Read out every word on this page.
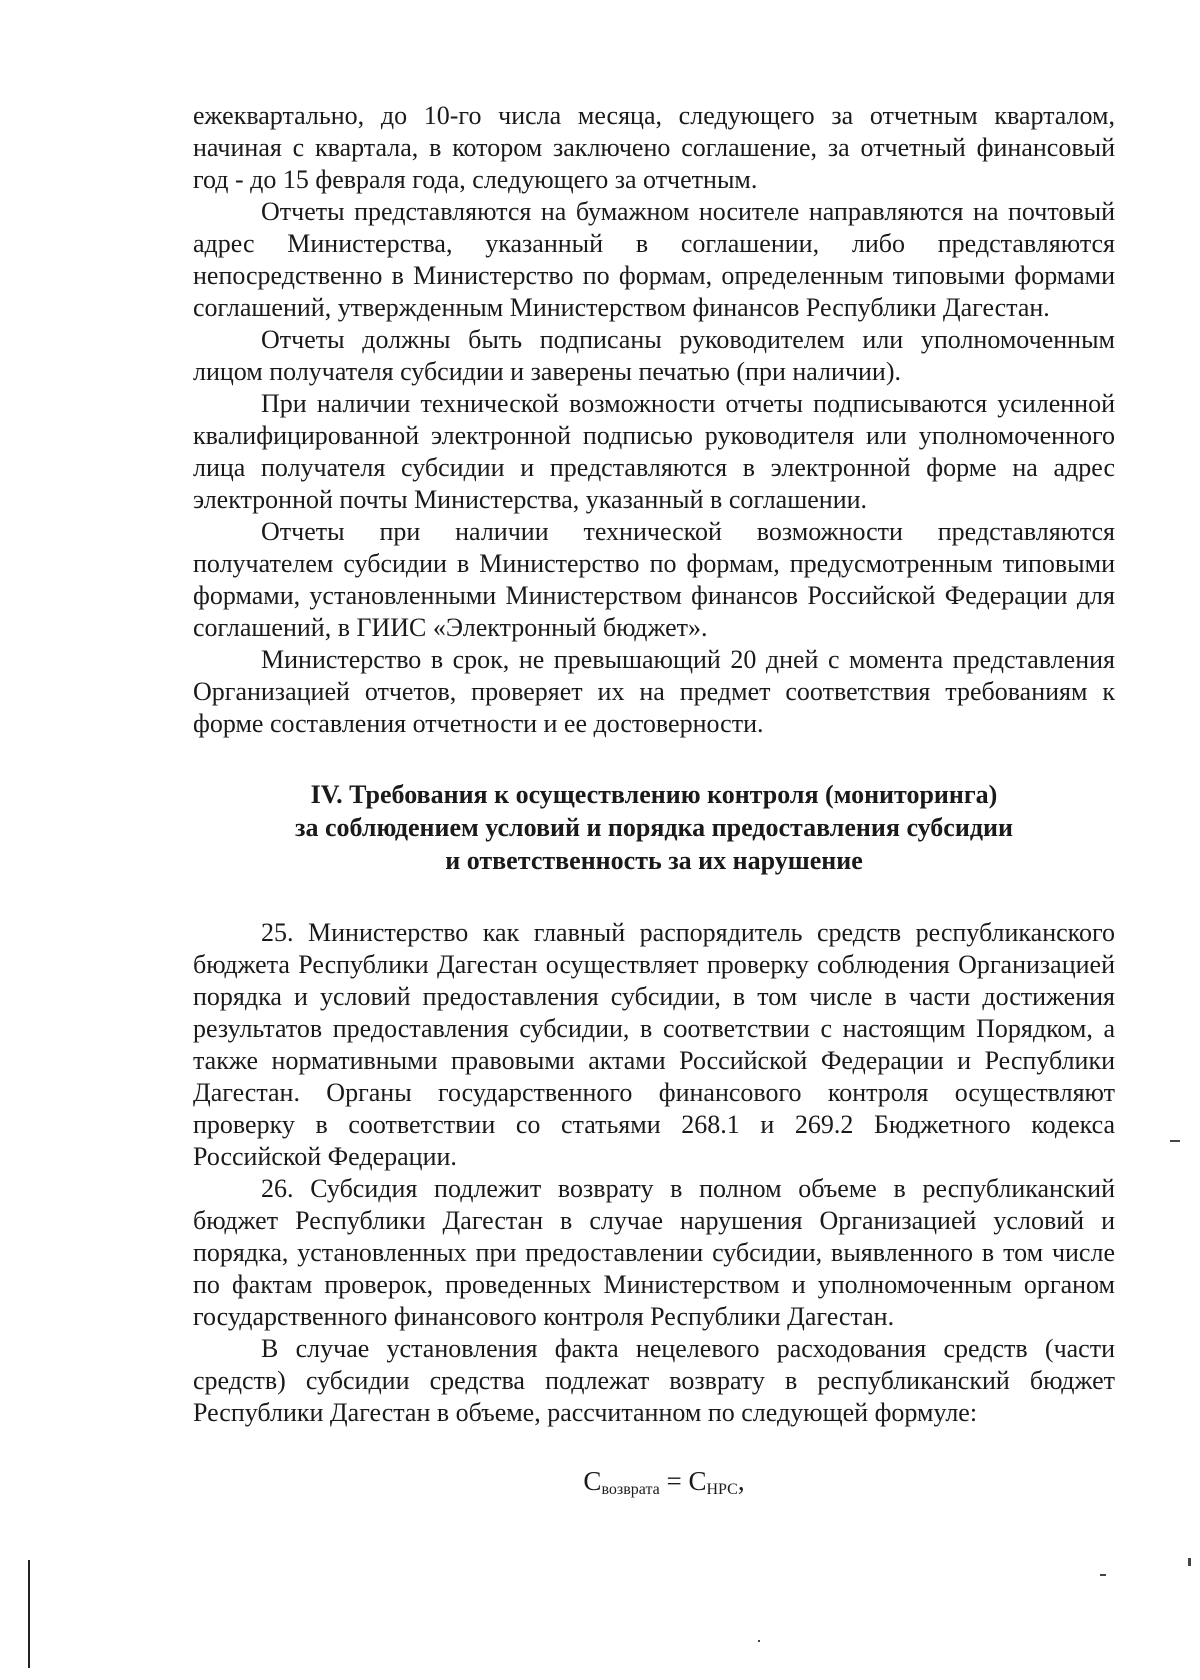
ежеквартально, до 10-го числа месяца, следующего за отчетным кварталом, начиная с квартала, в котором заключено соглашение, за отчетный финансовый год - до 15 февраля года, следующего за отчетным.

Отчеты представляются на бумажном носителе направляются на почтовый адрес Министерства, указанный в соглашении, либо представляются непосредственно в Министерство по формам, определенным типовыми формами соглашений, утвержденным Министерством финансов Республики Дагестан.

Отчеты должны быть подписаны руководителем или уполномоченным лицом получателя субсидии и заверены печатью (при наличии).

При наличии технической возможности отчеты подписываются усиленной квалифицированной электронной подписью руководителя или уполномоченного лица получателя субсидии и представляются в электронной форме на адрес электронной почты Министерства, указанный в соглашении.

Отчеты при наличии технической возможности представляются получателем субсидии в Министерство по формам, предусмотренным типовыми формами, установленными Министерством финансов Российской Федерации для соглашений, в ГИИС «Электронный бюджет».

Министерство в срок, не превышающий 20 дней с момента представления Организацией отчетов, проверяет их на предмет соответствия требованиям к форме составления отчетности и ее достоверности.

IV. Требования к осуществлению контроля (мониторинга)
за соблюдением условий и порядка предоставления субсидии
и ответственность за их нарушение

25. Министерство как главный распорядитель средств республиканского бюджета Республики Дагестан осуществляет проверку соблюдения Организацией порядка и условий предоставления субсидии, в том числе в части достижения результатов предоставления субсидии, в соответствии с настоящим Порядком, а также нормативными правовыми актами Российской Федерации и Республики Дагестан. Органы государственного финансового контроля осуществляют проверку в соответствии со статьями 268.1 и 269.2 Бюджетного кодекса Российской Федерации.

26. Субсидия подлежит возврату в полном объеме в республиканский бюджет Республики Дагестан в случае нарушения Организацией условий и порядка, установленных при предоставлении субсидии, выявленного в том числе по фактам проверок, проведенных Министерством и уполномоченным органом государственного финансового контроля Республики Дагестан.

В случае установления факта нецелевого расходования средств (части средств) субсидии средства подлежат возврату в республиканский бюджет Республики Дагестан в объеме, рассчитанном по следующей формуле:

$С_{возврата} = С_{НРС}$,
